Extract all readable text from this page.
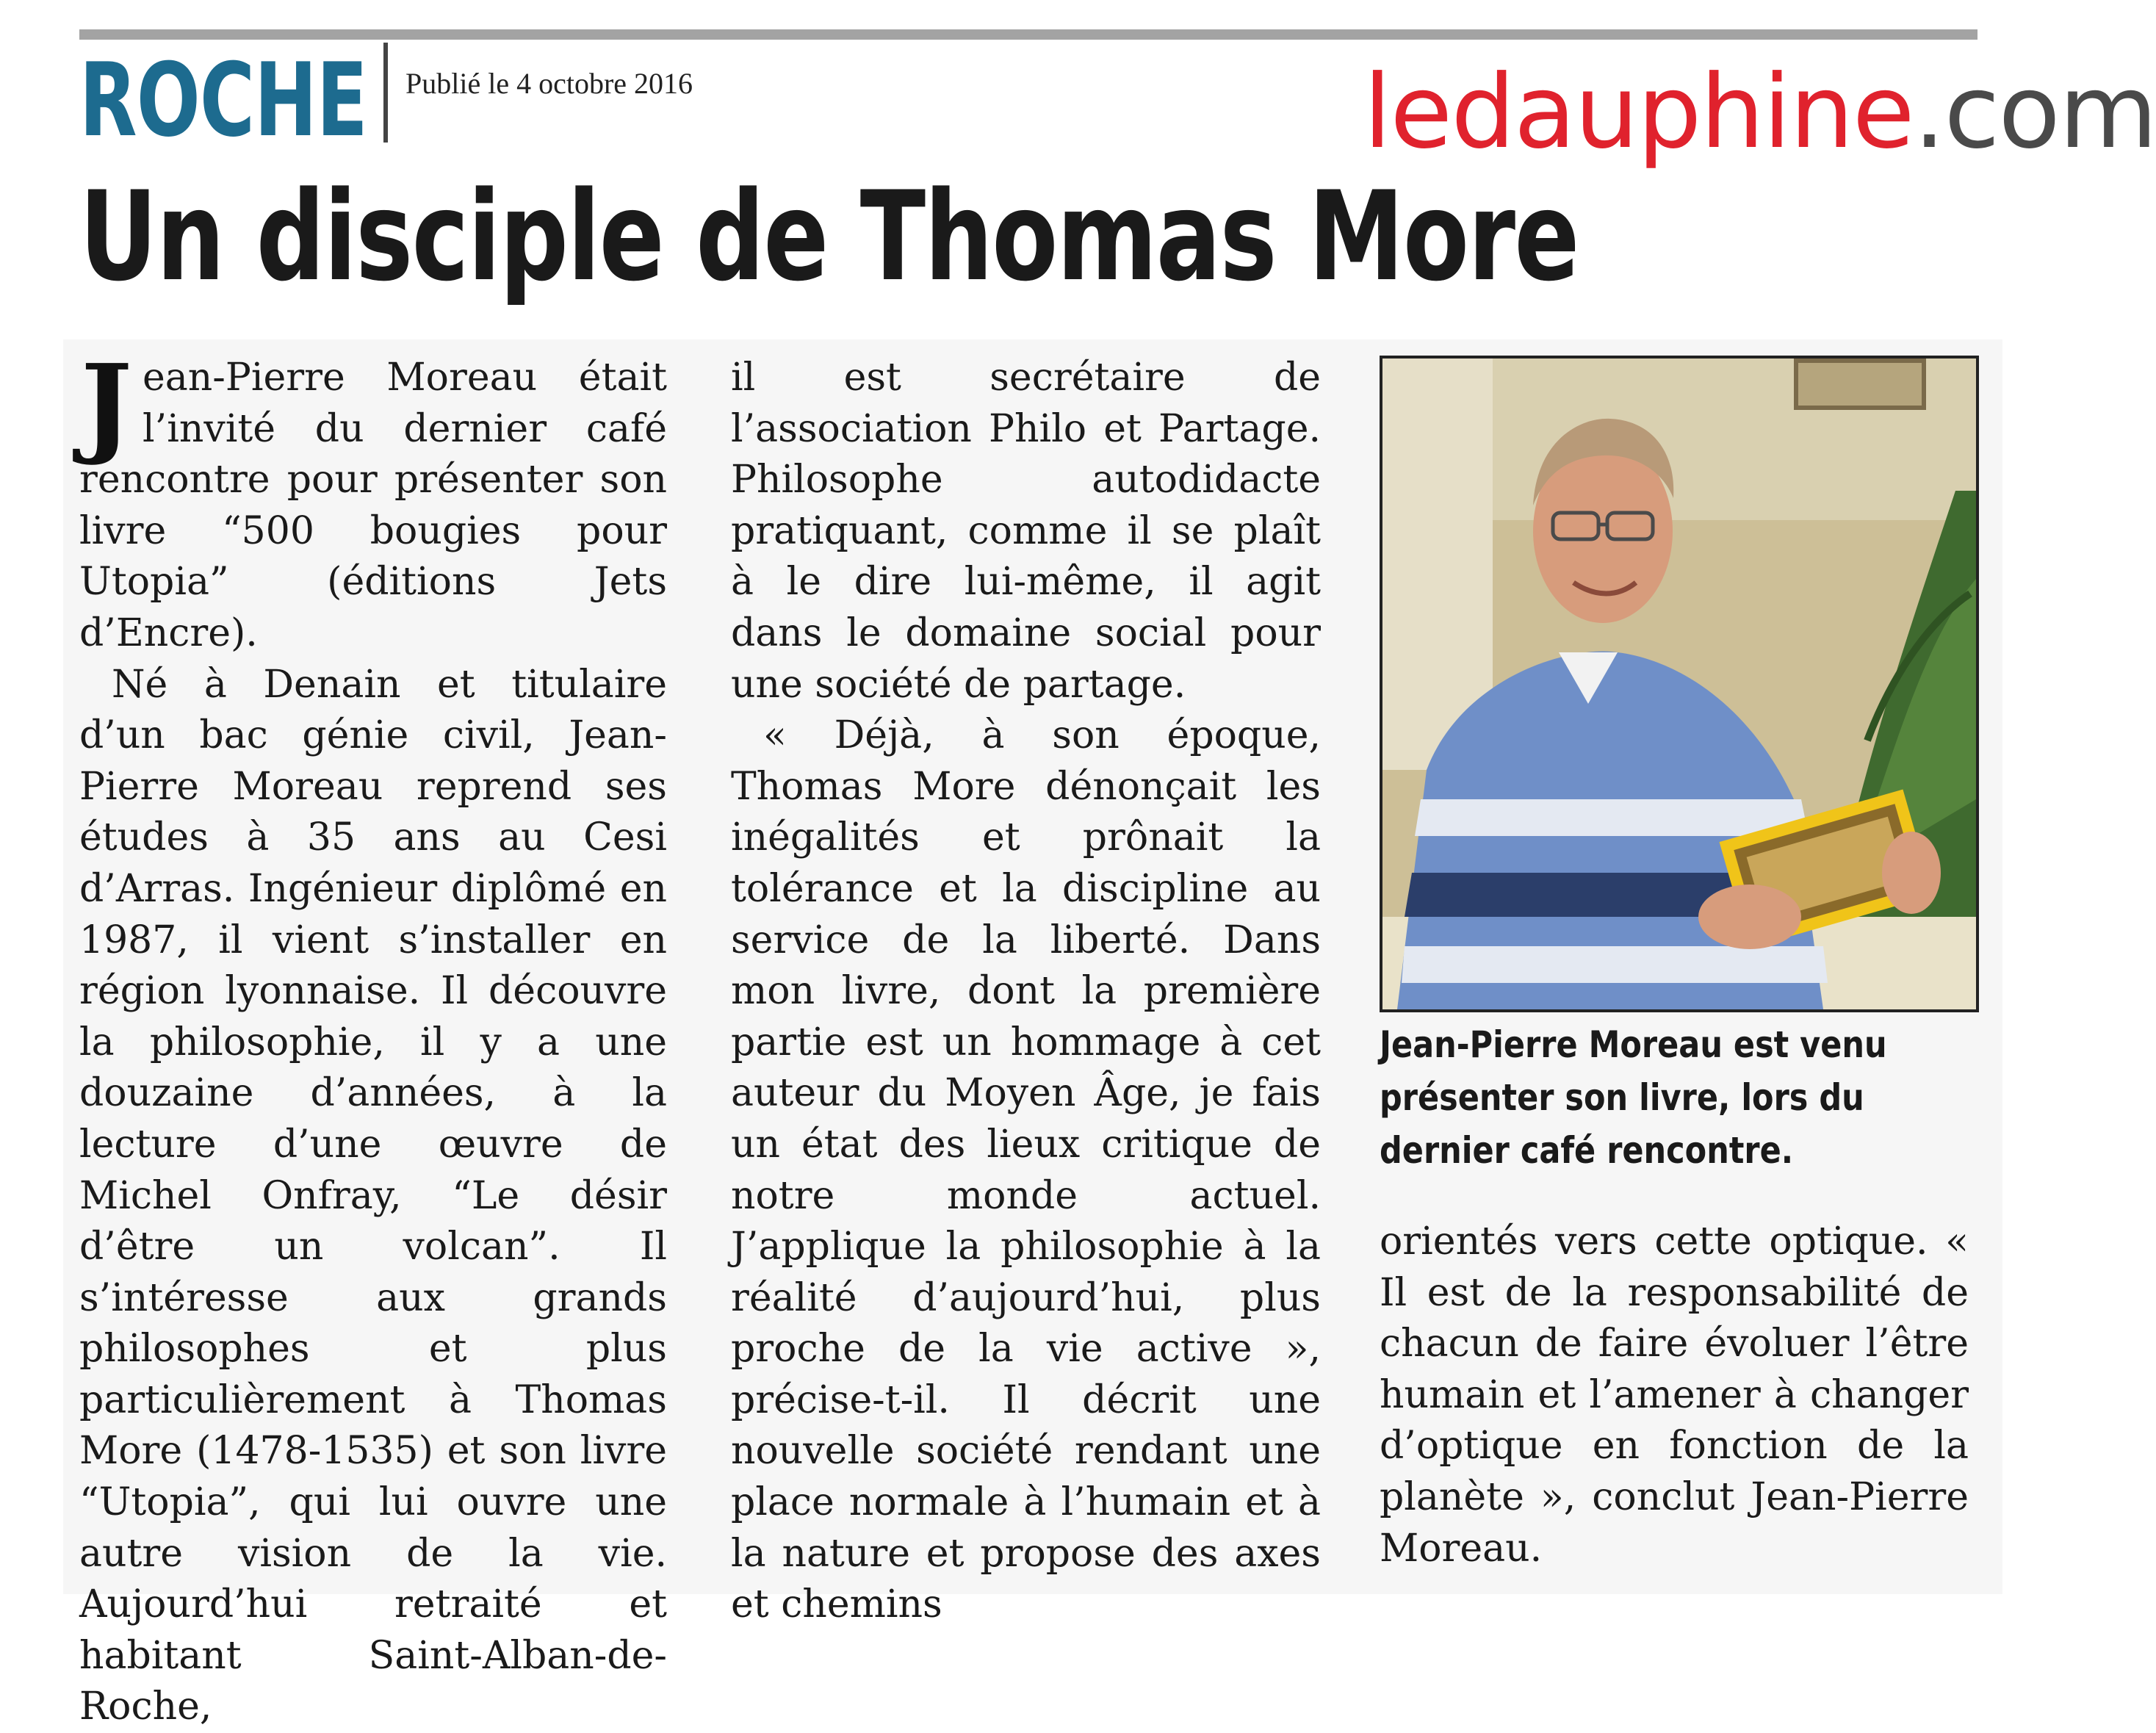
ROCHE Publié le 4 octobre 2016	ledauphine.com
Un disciple de Thomas More

Jean-Pierre Moreau était l’invité du dernier café rencontre pour présenter son livre “500 bougies pour Utopia” (éditions Jets d’Encre).

Né à Denain et titulaire d’un bac génie civil, Jean-Pierre Moreau reprend ses études à 35 ans au Cesi d’Arras. Ingénieur diplômé en 1987, il vient s’installer en région lyonnaise. Il découvre la philosophie, il y a une douzaine d’années, à la lecture d’une œuvre de Michel Onfray, “Le désir d’être un volcan”. Il s’intéresse aux grands philosophes et plus particulièrement à Thomas More (1478-1535) et son livre “Utopia”, qui lui ouvre une autre vision de la vie. Aujourd’hui retraité et habitant Saint-Alban-de-Roche,

il est secrétaire de l’association Philo et Partage. Philosophe autodidacte pratiquant, comme il se plaît à le dire lui-même, il agit dans le domaine social pour une société de partage.

« Déjà, à son époque, Thomas More dénonçait les inégalités et prônait la tolérance et la discipline au service de la liberté. Dans mon livre, dont la première partie est un hommage à cet auteur du Moyen Âge, je fais un état des lieux critique de notre monde actuel. J’applique la philosophie à la réalité d’aujourd’hui, plus proche de la vie active », précise-t-il. Il décrit une nouvelle société rendant une place normale à l’humain et à la nature et propose des axes et chemins

Jean-Pierre Moreau est venu présenter son livre, lors du dernier café rencontre.

orientés vers cette optique. « Il est de la responsabilité de chacun de faire évoluer l’être humain et l’amener à changer d’optique en fonction de la planète », conclut Jean-Pierre Moreau.
